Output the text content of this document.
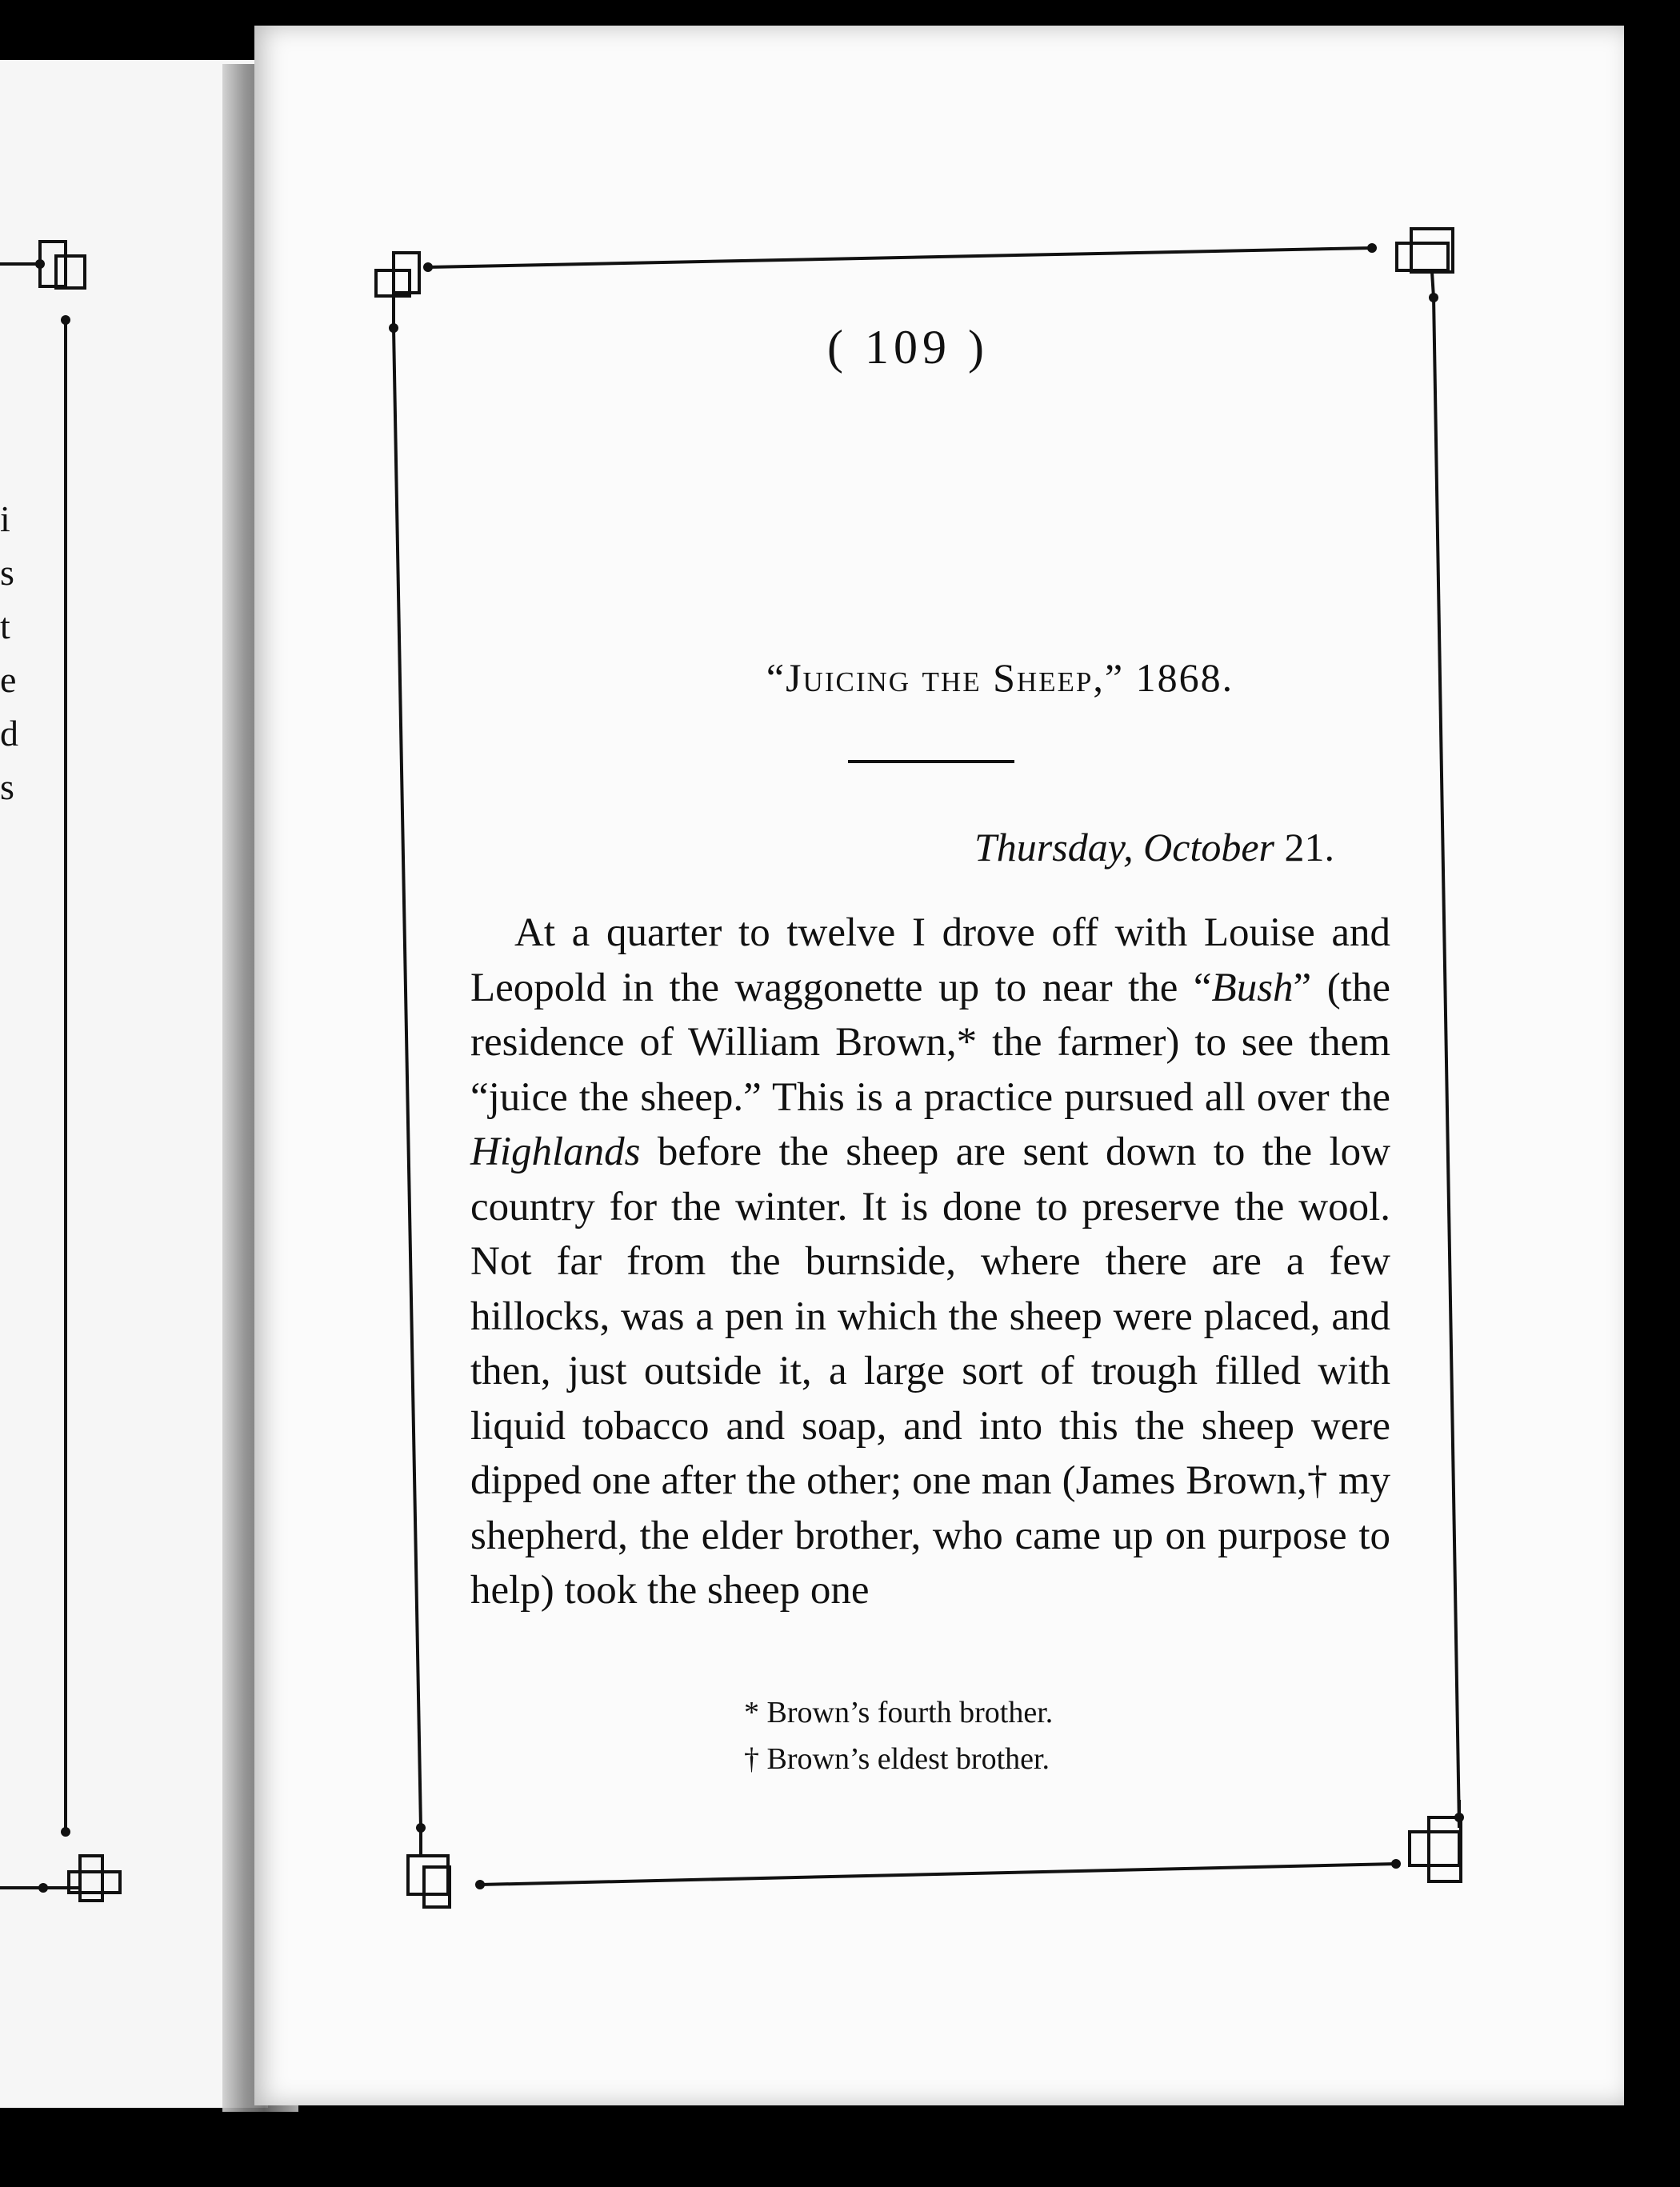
i
s
t
e
d
s
( 109 )
“Juicing the Sheep,” 1868.
Thursday, October 21.

At a quarter to twelve I drove off with Louise and Leopold in the waggonette up to near the “Bush” (the residence of William Brown,* the farmer) to see them “juice the sheep.” This is a practice pursued all over the Highlands before the sheep are sent down to the low country for the winter. It is done to preserve the wool. Not far from the burnside, where there are a few hillocks, was a pen in which the sheep were placed, and then, just outside it, a large sort of trough filled with liquid tobacco and soap, and into this the sheep were dipped one after the other; one man (James Brown,† my shepherd, the elder brother, who came up on purpose to help) took the sheep one

* Brown’s fourth brother.
† Brown’s eldest brother.
